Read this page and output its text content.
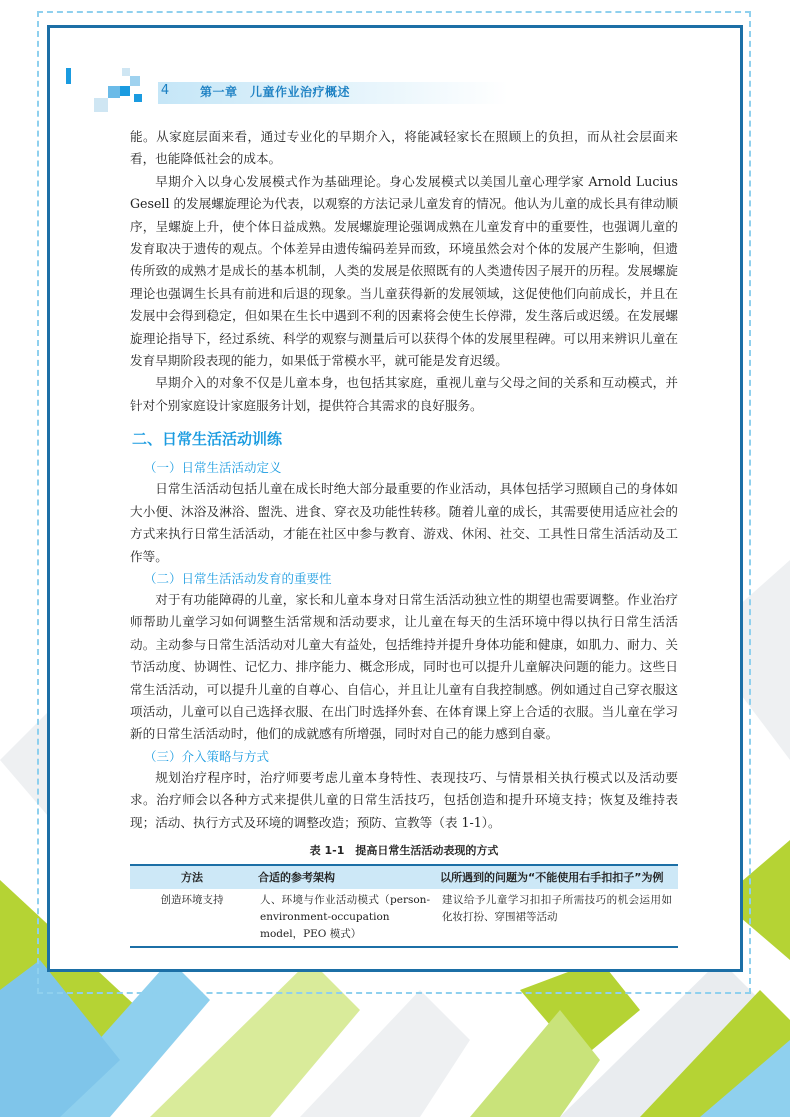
4	第一章　儿童作业治疗概述

能。从家庭层面来看，通过专业化的早期介入，将能减轻家长在照顾上的负担，而从社会层面来看，也能降低社会的成本。

早期介入以身心发展模式作为基础理论。身心发展模式以美国儿童心理学家 Arnold Lucius Gesell 的发展螺旋理论为代表，以观察的方法记录儿童发育的情况。他认为儿童的成长具有律动顺序，呈螺旋上升，使个体日益成熟。发展螺旋理论强调成熟在儿童发育中的重要性，也强调儿童的发育取决于遗传的观点。个体差异由遗传编码差异而致，环境虽然会对个体的发展产生影响，但遗传所致的成熟才是成长的基本机制，人类的发展是依照既有的人类遗传因子展开的历程。发展螺旋理论也强调生长具有前进和后退的现象。当儿童获得新的发展领域，这促使他们向前成长，并且在发展中会得到稳定，但如果在生长中遇到不利的因素将会使生长停滞，发生落后或迟缓。在发展螺旋理论指导下，经过系统、科学的观察与测量后可以获得个体的发展里程碑。可以用来辨识儿童在发育早期阶段表现的能力，如果低于常模水平，就可能是发育迟缓。

早期介入的对象不仅是儿童本身，也包括其家庭，重视儿童与父母之间的关系和互动模式，并针对个别家庭设计家庭服务计划，提供符合其需求的良好服务。

二、日常生活活动训练
（一）日常生活活动定义

日常生活活动包括儿童在成长时绝大部分最重要的作业活动，具体包括学习照顾自己的身体如大小便、沐浴及淋浴、盥洗、进食、穿衣及功能性转移。随着儿童的成长，其需要使用适应社会的方式来执行日常生活活动，才能在社区中参与教育、游戏、休闲、社交、工具性日常生活活动及工作等。

（二）日常生活活动发育的重要性

对于有功能障碍的儿童，家长和儿童本身对日常生活活动独立性的期望也需要调整。作业治疗师帮助儿童学习如何调整生活常规和活动要求，让儿童在每天的生活环境中得以执行日常生活活动。主动参与日常生活活动对儿童大有益处，包括维持并提升身体功能和健康，如肌力、耐力、关节活动度、协调性、记忆力、排序能力、概念形成，同时也可以提升儿童解决问题的能力。这些日常生活活动，可以提升儿童的自尊心、自信心，并且让儿童有自我控制感。例如通过自己穿衣服这项活动，儿童可以自己选择衣服、在出门时选择外套、在体育课上穿上合适的衣服。当儿童在学习新的日常生活活动时，他们的成就感有所增强，同时对自己的能力感到自豪。

（三）介入策略与方式

规划治疗程序时，治疗师要考虑儿童本身特性、表现技巧、与情景相关执行模式以及活动要求。治疗师会以各种方式来提供儿童的日常生活技巧，包括创造和提升环境支持；恢复及维持表现；活动、执行方式及环境的调整改造；预防、宣教等（表 1-1）。

表 1-1　提高日常生活活动表现的方式
方法	合适的参考架构	以所遇到的问题为“不能使用右手扣扣子”为例
创造环境支持	人、环境与作业活动模式（person-environment-occupation model，PEO 模式）	建议给予儿童学习扣扣子所需技巧的机会运用如化妆打扮、穿围裙等活动
